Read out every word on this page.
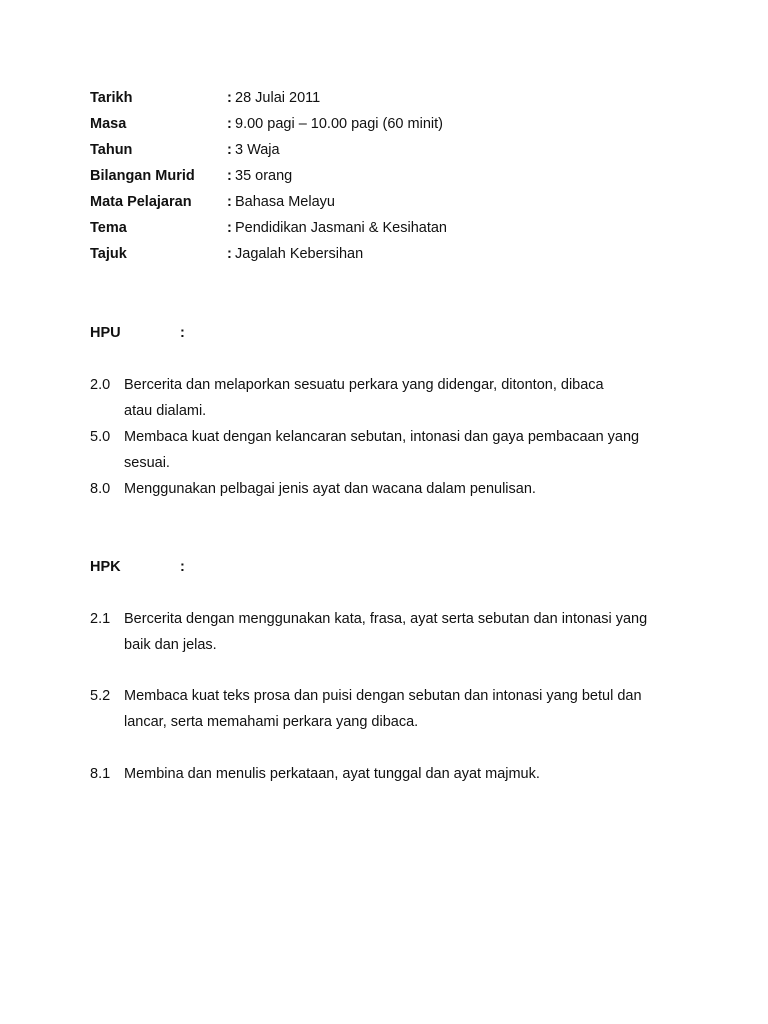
Tarikh	: 28 Julai 2011
Masa	: 9.00 pagi – 10.00 pagi (60 minit)
Tahun	: 3 Waja
Bilangan Murid : 35 orang
Mata Pelajaran : Bahasa Melayu
Tema	: Pendidikan Jasmani & Kesihatan
Tajuk	: Jagalah Kebersihan
HPU	:
2.0 Bercerita dan melaporkan sesuatu perkara yang didengar, ditonton, dibaca
atau dialami.
5.0 Membaca kuat dengan kelancaran sebutan, intonasi dan gaya pembacaan yang
sesuai.
8.0 Menggunakan pelbagai jenis ayat dan wacana dalam penulisan.
HPK	:
2.1 Bercerita dengan menggunakan kata, frasa, ayat serta sebutan dan intonasi yang
baik dan jelas.
5.2 Membaca kuat teks prosa dan puisi dengan sebutan dan intonasi yang betul dan
lancar, serta memahami perkara yang dibaca.
8.1 Membina dan menulis perkataan, ayat tunggal dan ayat majmuk.
